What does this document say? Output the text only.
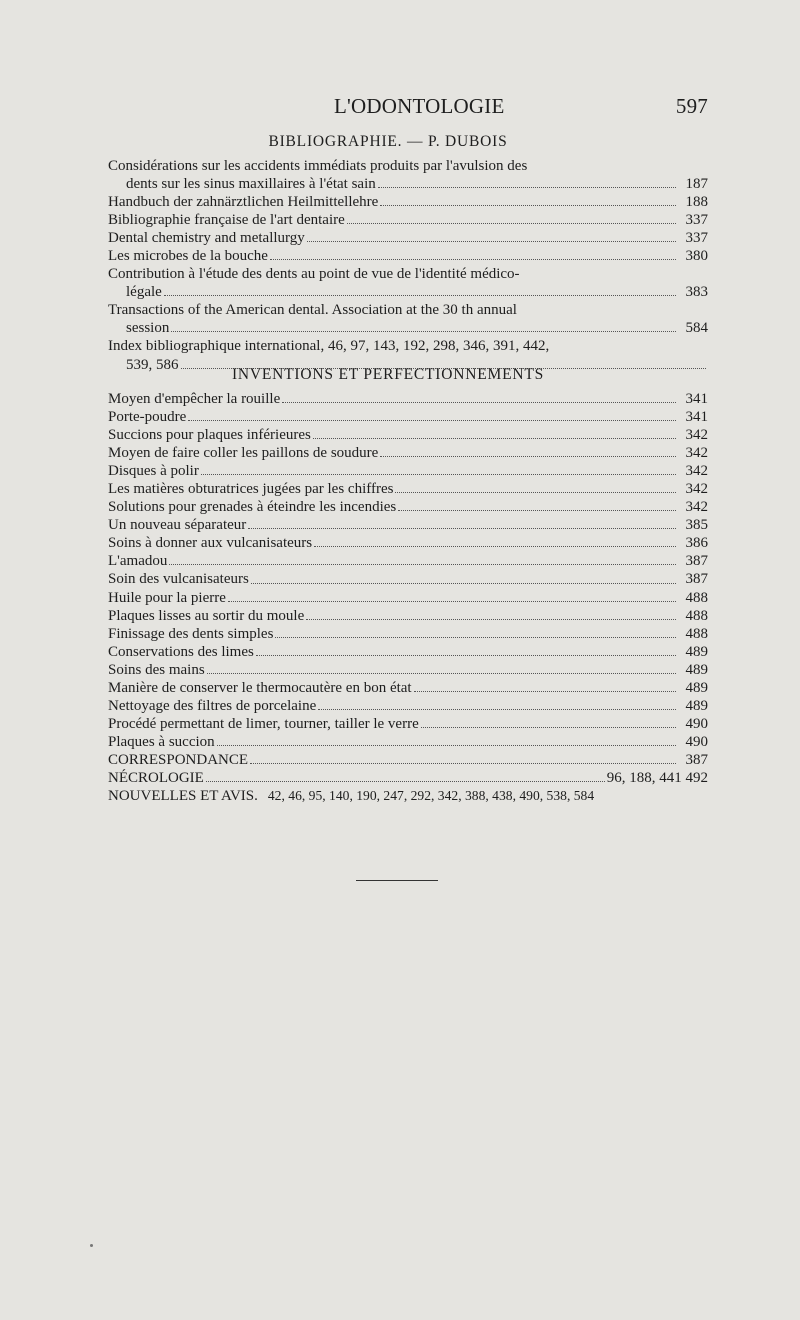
L'ODONTOLOGIE	597
BIBLIOGRAPHIE. — P. DUBOIS
Considérations sur les accidents immédiats produits par l'avulsion des
dents sur les sinus maxillaires à l'état sain	187
Handbuch der zahnärztlichen Heilmittellehre	188
Bibliographie française de l'art dentaire	337
Dental chemistry and metallurgy	337
Les microbes de la bouche	380
Contribution à l'étude des dents au point de vue de l'identité médico-
légale	383
Transactions of the American dental. Association at the 30 th annual
session	584
Index bibliographique international, 46, 97, 143, 192, 298, 346, 391, 442,
539, 586
INVENTIONS ET PERFECTIONNEMENTS
Moyen d'empêcher la rouille	341
Porte-poudre	341
Succions pour plaques inférieures	342
Moyen de faire coller les paillons de soudure	342
Disques à polir	342
Les matières obturatrices jugées par les chiffres	342
Solutions pour grenades à éteindre les incendies	342
Un nouveau séparateur	385
Soins à donner aux vulcanisateurs	386
L'amadou	387
Soin des vulcanisateurs	387
Huile pour la pierre	488
Plaques lisses au sortir du moule	488
Finissage des dents simples	488
Conservations des limes	489
Soins des mains	489
Manière de conserver le thermocautère en bon état	489
Nettoyage des filtres de porcelaine	489
Procédé permettant de limer, tourner, tailler le verre	490
Plaques à succion	490
CORRESPONDANCE	387
NÉCROLOGIE	96, 188, 441 492
NOUVELLES ET AVIS. 42, 46, 95, 140, 190, 247, 292, 342, 388, 438, 490, 538, 584
